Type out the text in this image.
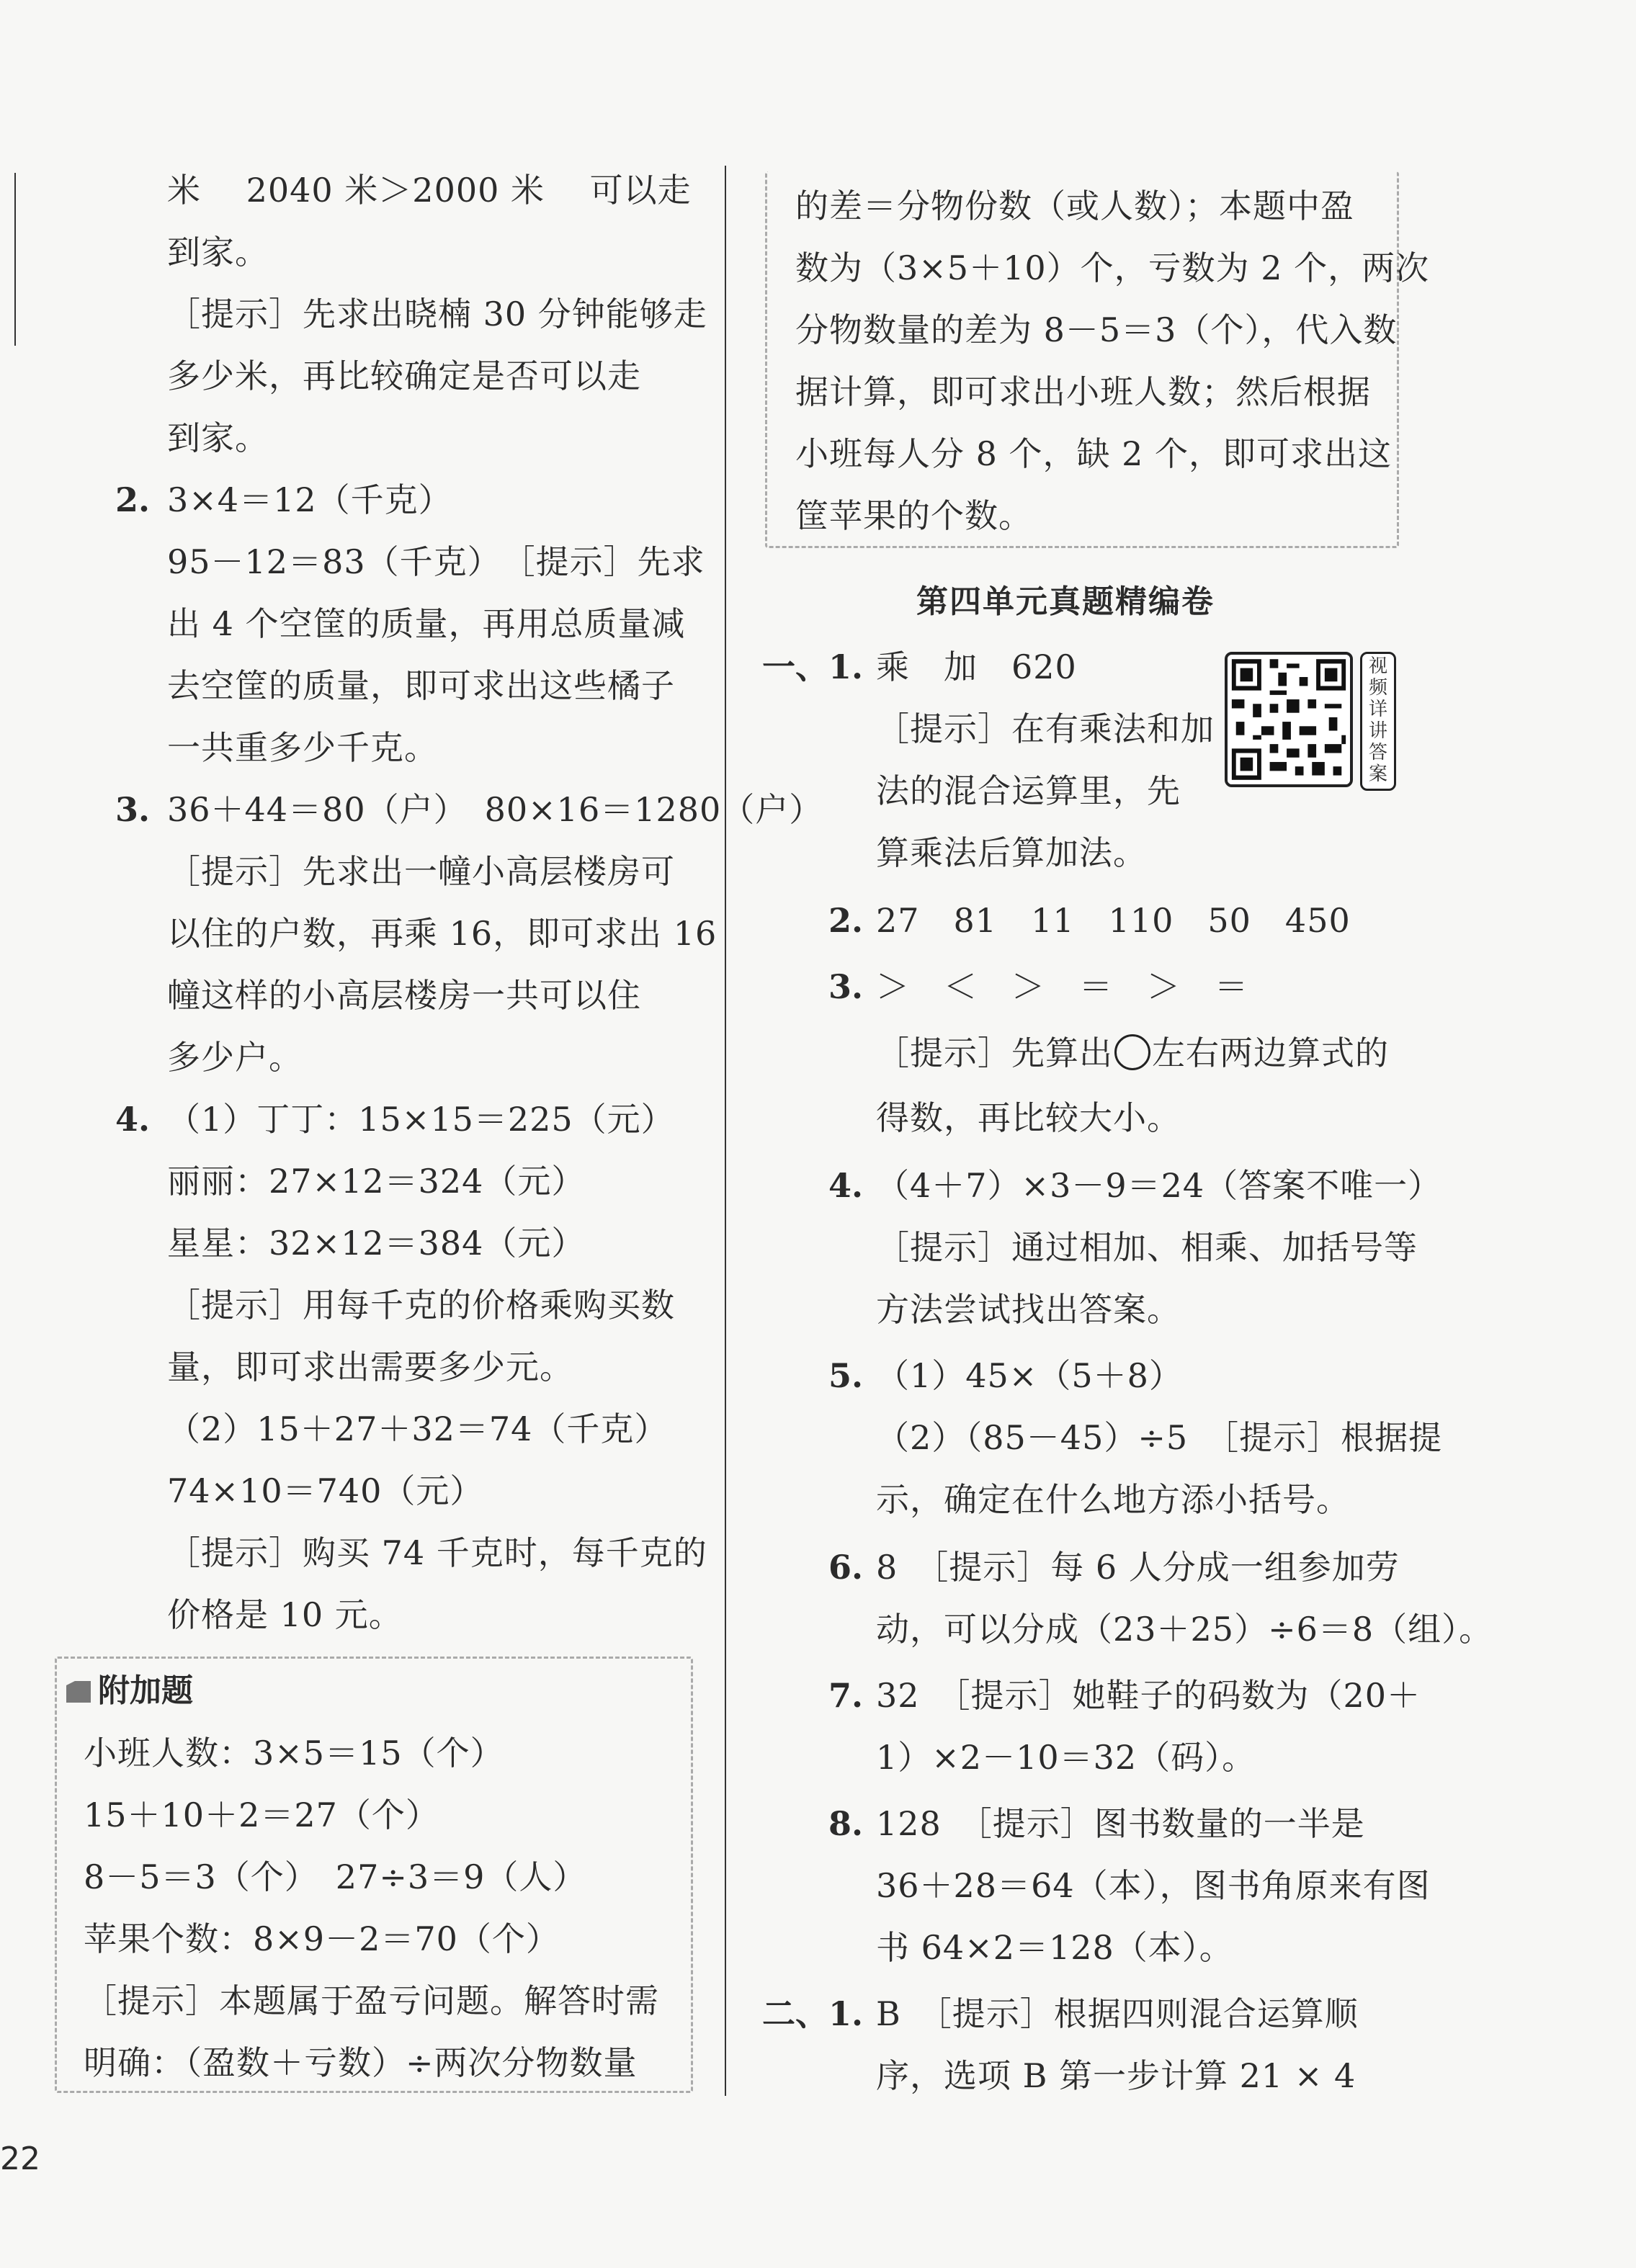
米　 2040 米＞2000 米　 可以走
到家。
［提示］先求出晓楠 30 分钟能够走
多少米，再比较确定是否可以走
到家。
2. 3×4＝12（千克）
95－12＝83（千克）　［提示］先求
出 4 个空筐的质量，再用总质量减
去空筐的质量，即可求出这些橘子
一共重多少千克。
3. 36＋44＝80（户）　80×16＝1280（户）
［提示］先求出一幢小高层楼房可
以住的户数，再乘 16，即可求出 16
幢这样的小高层楼房一共可以住
多少户。
4. （1）丁丁：15×15＝225（元）
丽丽：27×12＝324（元）
星星：32×12＝384（元）
［提示］用每千克的价格乘购买数
量，即可求出需要多少元。
（2）15＋27＋32＝74（千克）
74×10＝740（元）
［提示］购买 74 千克时，每千克的
价格是 10 元。
附加题
小班人数：3×5＝15（个）
15＋10＋2＝27（个）
8－5＝3（个）　27÷3＝9（人）
苹果个数：8×9－2＝70（个）
［提示］本题属于盈亏问题。解答时需
明确：（盈数＋亏数）÷两次分物数量
的差＝分物份数（或人数）；本题中盈
数为（3×5＋10）个，亏数为 2 个，两次
分物数量的差为 8－5＝3（个），代入数
据计算，即可求出小班人数；然后根据
小班每人分 8 个，缺 2 个，即可求出这
筐苹果的个数。
第四单元真题精编卷
视频详讲答案
一、 1. 乘　加　620
［提示］在有乘法和加
法的混合运算里，先
算乘法后算加法。
2. 27　81　11　110　50　450
3. ＞　＜　＞　＝　＞　＝
［提示］先算出 左右两边算式的
得数，再比较大小。
4. （4＋7）×3－9＝24（答案不唯一）
［提示］通过相加、相乘、加括号等
方法尝试找出答案。
5. （1）45×（5＋8）
（2）（85－45）÷5　［提示］根据提
示，确定在什么地方添小括号。
6. 8　［提示］每 6 人分成一组参加劳
动，可以分成（23＋25）÷6＝8（组）。
7. 32　［提示］她鞋子的码数为（20＋
1）×2－10＝32（码）。
8. 128　［提示］图书数量的一半是
36＋28＝64（本），图书角原来有图
书 64×2＝128（本）。
二、 1. B　［提示］根据四则混合运算顺
序，选项 B 第一步计算 21 × 4
22
